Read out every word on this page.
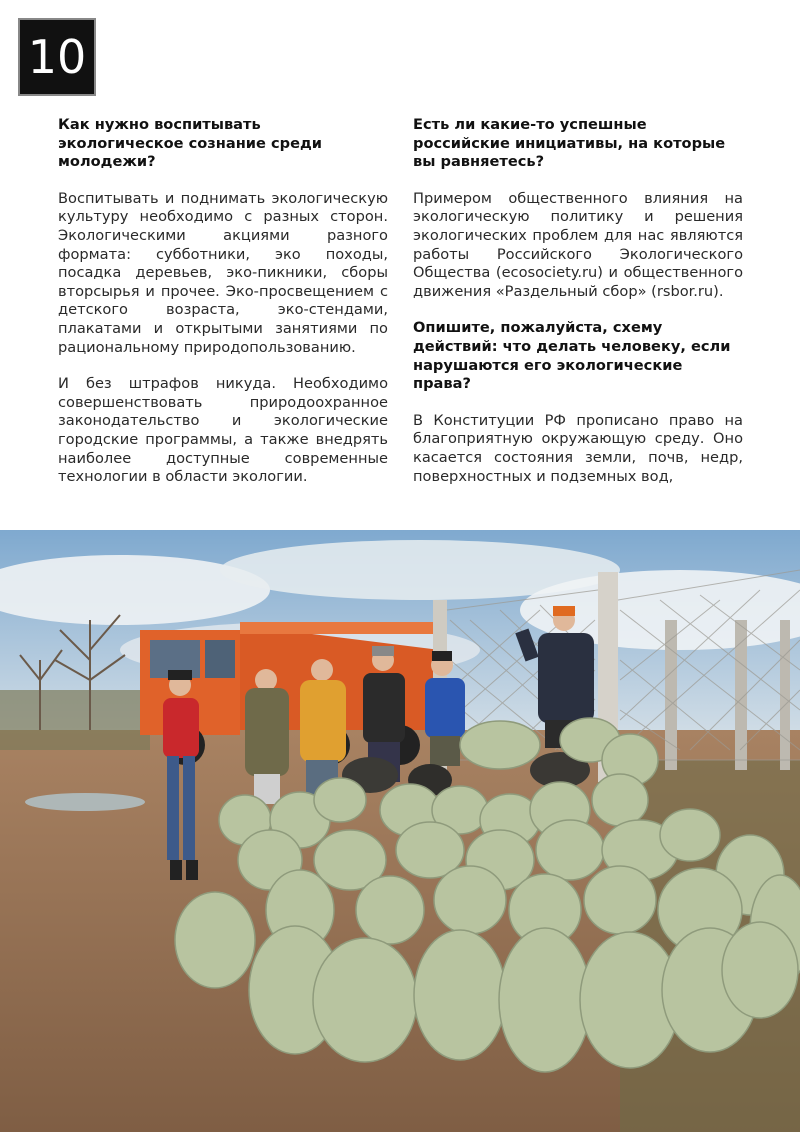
10
Как нужно воспитывать экологическое сознание среди молодежи?
Воспитывать и поднимать экологическую культуру необходимо с разных сторон. Экологическими акциями разного формата: субботники, эко походы, посадка деревьев, эко-пикники, сборы вторсырья и прочее. Эко-просвещением с детского возраста, эко-стендами, плакатами и открытыми занятиями по рациональному природопользованию.
И без штрафов никуда. Необходимо совершенствовать природоохранное законодательство и экологические городские программы, а также внедрять наиболее доступные современные технологии в области экологии.
Есть ли какие-то успешные российские инициативы, на которые вы равняетесь?
Примером общественного влияния на экологическую политику и решения экологических проблем для нас являются работы Российского Экологического Общества (ecosociety.ru) и общественного движения «Раздельный сбор» (rsbor.ru).
Опишите, пожалуйста, схему действий: что делать человеку, если нарушаются его экологические права?
В Конституции РФ прописано право на благоприятную окружающую среду. Оно касается состояния земли, почв, недр, поверхностных и подземных вод,
